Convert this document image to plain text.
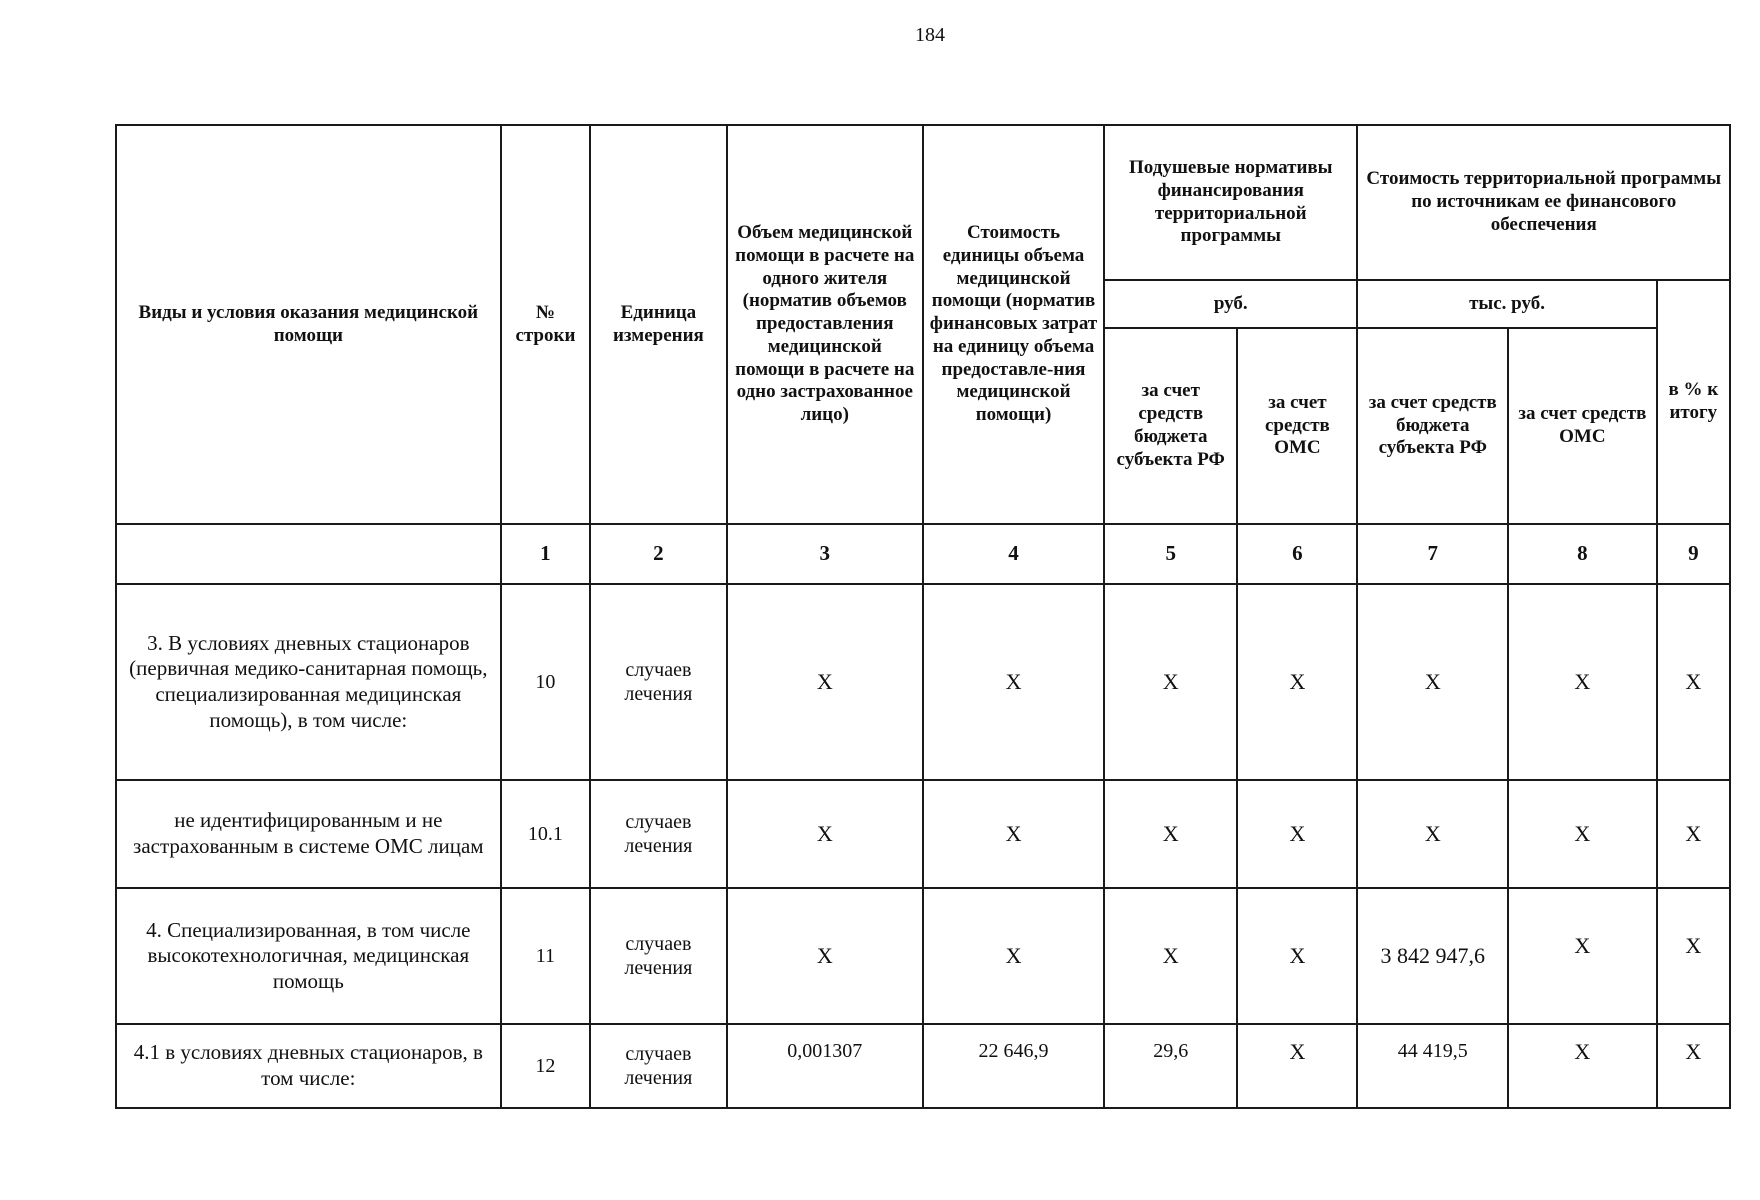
184
Виды и условия оказания медицинской помощи	№ строки	Единица измерения	Объем медицинской помощи в расчете на одного жителя (норматив объемов предоставления медицинской помощи в расчете на одно застрахованное лицо)	Стоимость единицы объема медицинской помощи (норматив финансовых затрат на единицу объема предоставле-ния медицинской помощи)	Подушевые нормативы финансирования территориальной программы		Стоимость территориальной программы по источникам ее финансового обеспечения		
					руб.		тыс. руб.		в % к итогу
					за счет средств бюджета субъекта РФ	за счет средств ОМС	за счет средств бюджета субъекта РФ	за счет средств ОМС	
	1	2	3	4	5	6	7	8	9
3. В условиях дневных стационаров (первичная медико-санитарная помощь, специализированная медицинская помощь), в том числе:	10	случаев лечения	X	X	X	X	X	X	X
не идентифицированным и не застрахованным в системе ОМС лицам	10.1	случаев лечения	X	X	X	X	X	X	X
4. Специализированная, в том числе высокотехнологичная, медицинская помощь	11	случаев лечения	X	X	X	X	3 842 947,6	X	X
4.1 в условиях дневных стационаров, в том числе:	12	случаев лечения	0,001307	22 646,9	29,6	X	44 419,5	X	X
